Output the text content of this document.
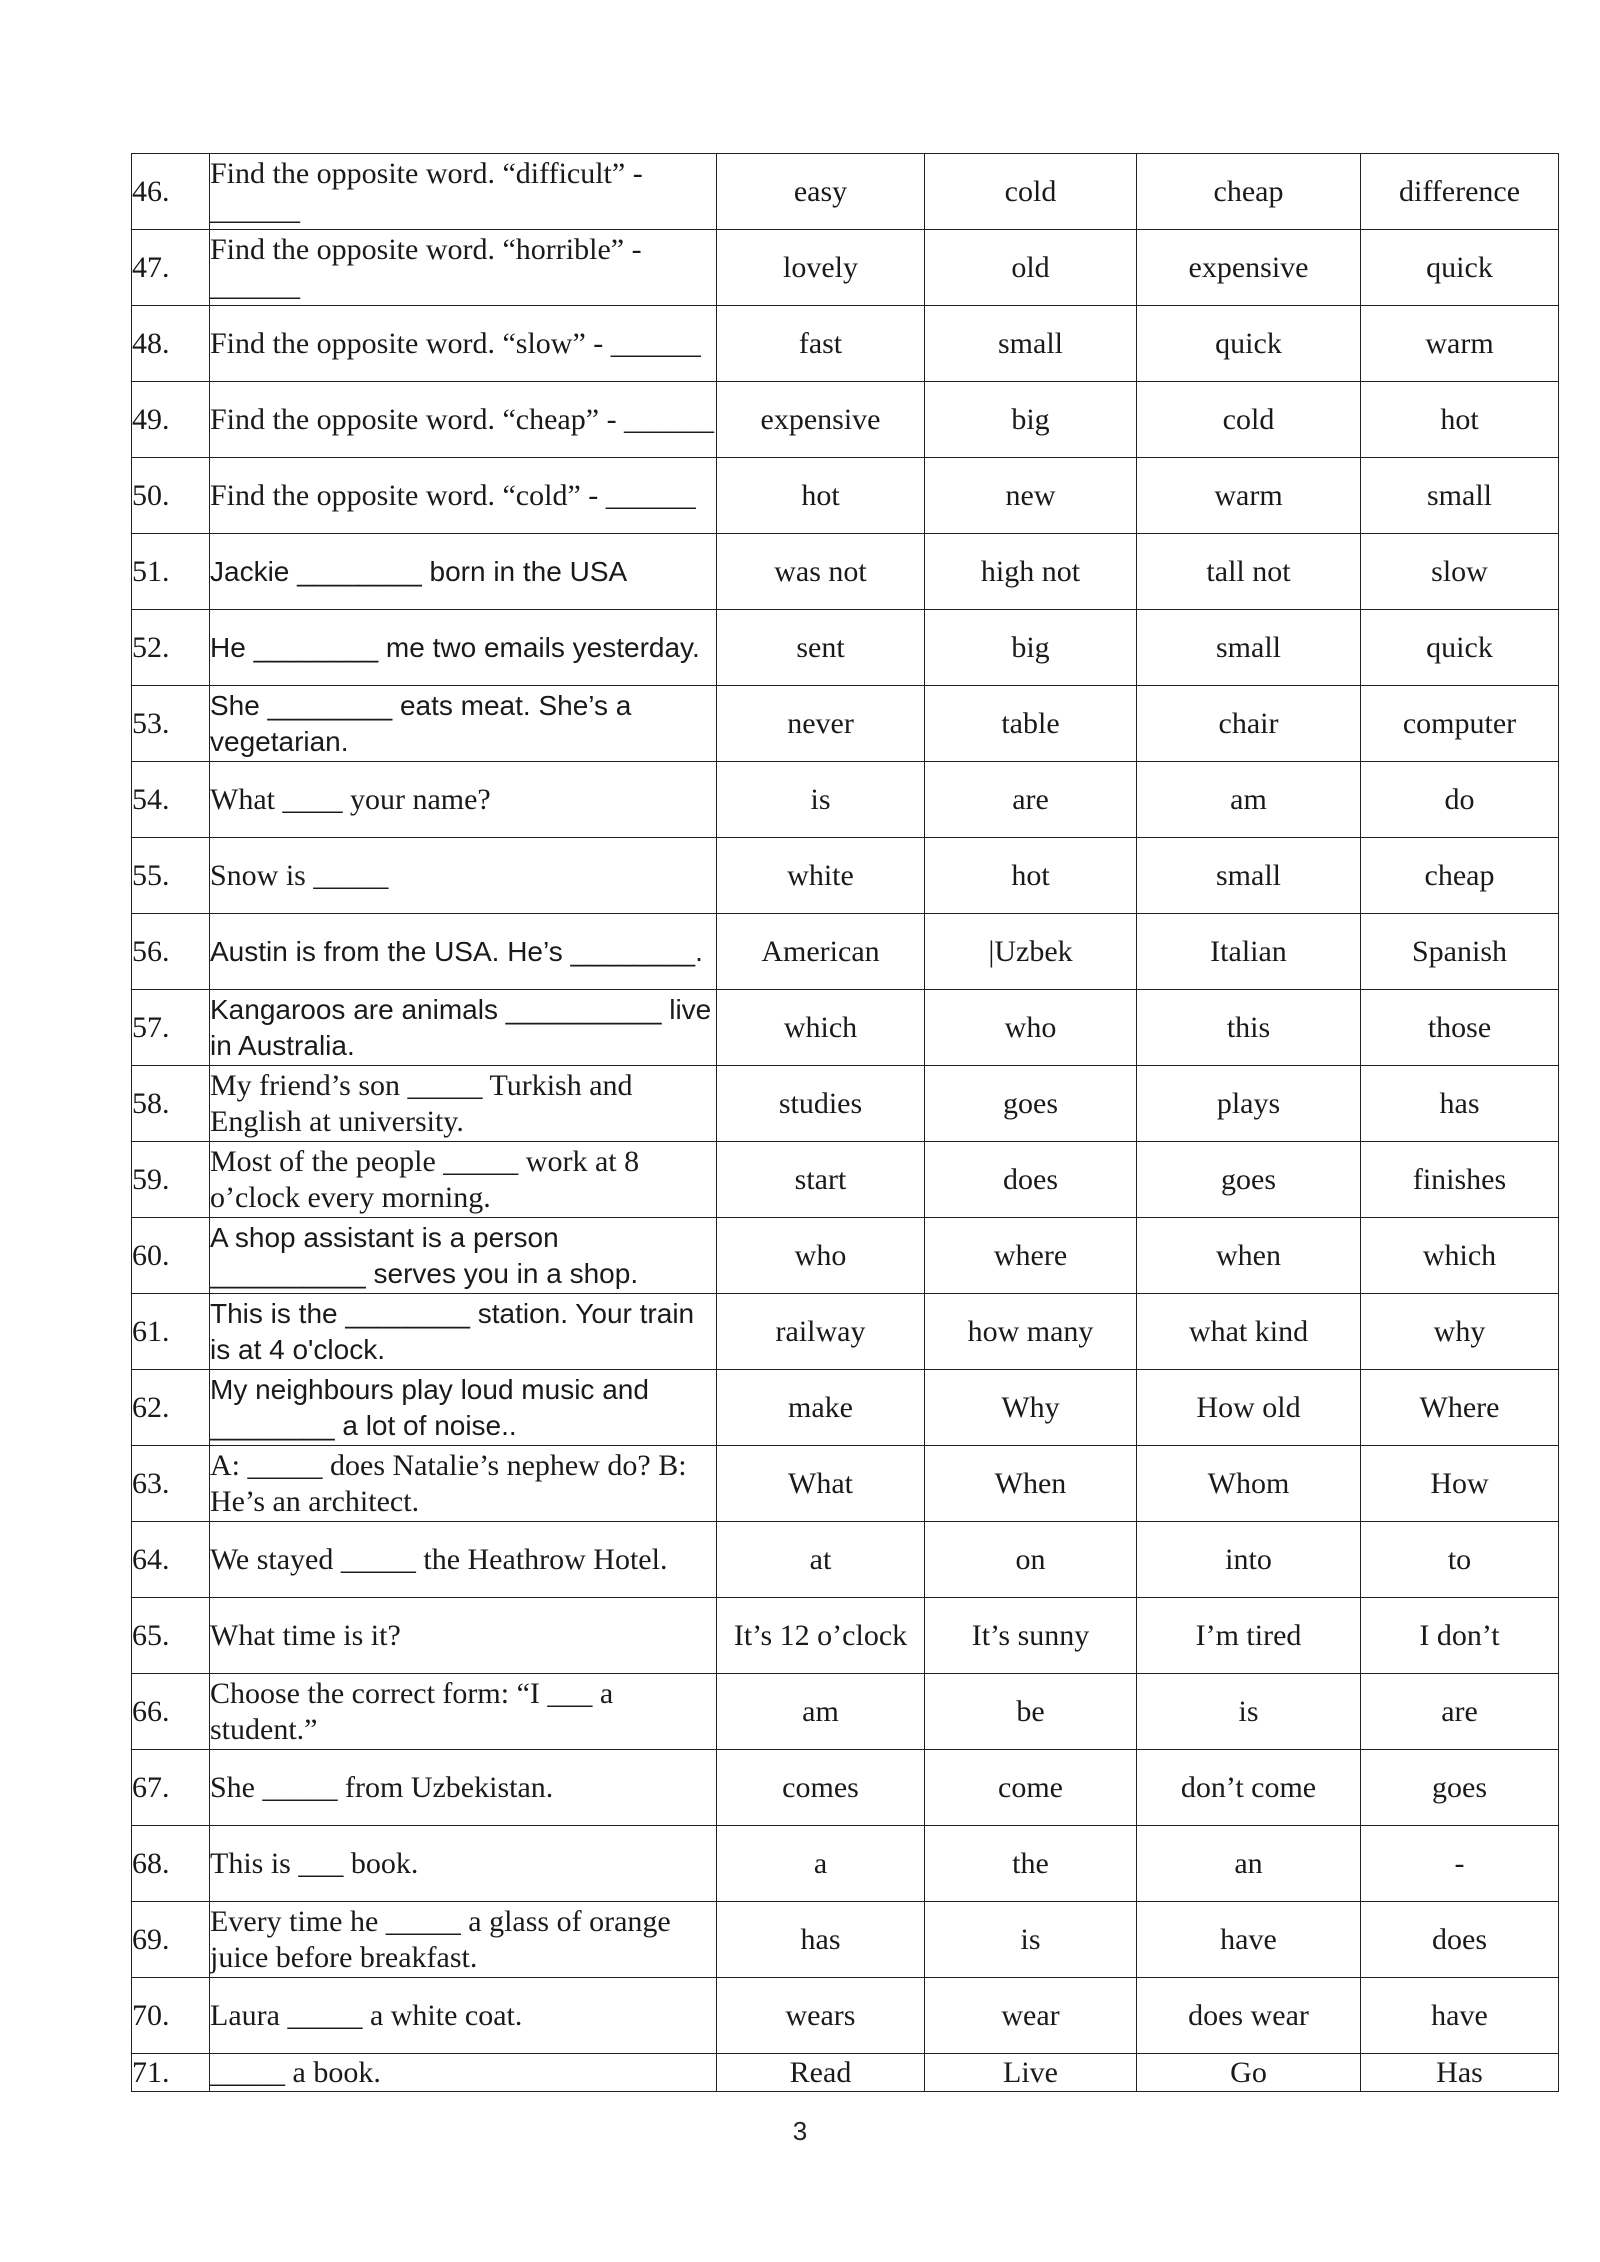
46.	Find the opposite word. “difficult” - ______	easy	cold	cheap	difference
47.	Find the opposite word. “horrible” - ______	lovely	old	expensive	quick
48.	Find the opposite word. “slow” - ______	fast	small	quick	warm
49.	Find the opposite word. “cheap” - ______	expensive	big	cold	hot
50.	Find the opposite word. “cold” - ______	hot	new	warm	small
51.	Jackie ________ born in the USA	was not	high not	tall not	slow
52.	He ________ me two emails yesterday.	sent	big	small	quick
53.	She ________ eats meat. She’s a vegetarian.	never	table	chair	computer
54.	What ____ your name?	is	are	am	do
55.	Snow is _____	white	hot	small	cheap
56.	Austin is from the USA. He’s ________.	American	|Uzbek	Italian	Spanish
57.	Kangaroos are animals __________ live in Australia.	which	who	this	those
58.	My friend’s son _____ Turkish and English at university.	studies	goes	plays	has
59.	Most of the people _____ work at 8 o’clock every morning.	start	does	goes	finishes
60.	A shop assistant is a person __________ serves you in a shop.	who	where	when	which
61.	This is the ________ station. Your train is at 4 o'clock.	railway	how many	what kind	why
62.	My neighbours play loud music and ________ a lot of noise..	make	Why	How old	Where
63.	A: _____ does Natalie’s nephew do? B: He’s an architect.	What	When	Whom	How
64.	We stayed _____ the Heathrow Hotel.	at	on	into	to
65.	What time is it?	It’s 12 o’clock	It’s sunny	I’m tired	I don’t
66.	Choose the correct form: “I ___ a student.”	am	be	is	are
67.	She _____ from Uzbekistan.	comes	come	don’t come	goes
68.	This is ___ book.	a	the	an	-
69.	Every time he _____ a glass of orange juice before breakfast.	has	is	have	does
70.	Laura _____ a white coat.	wears	wear	does wear	have
71.	_____ a book.	Read	Live	Go	Has
3
